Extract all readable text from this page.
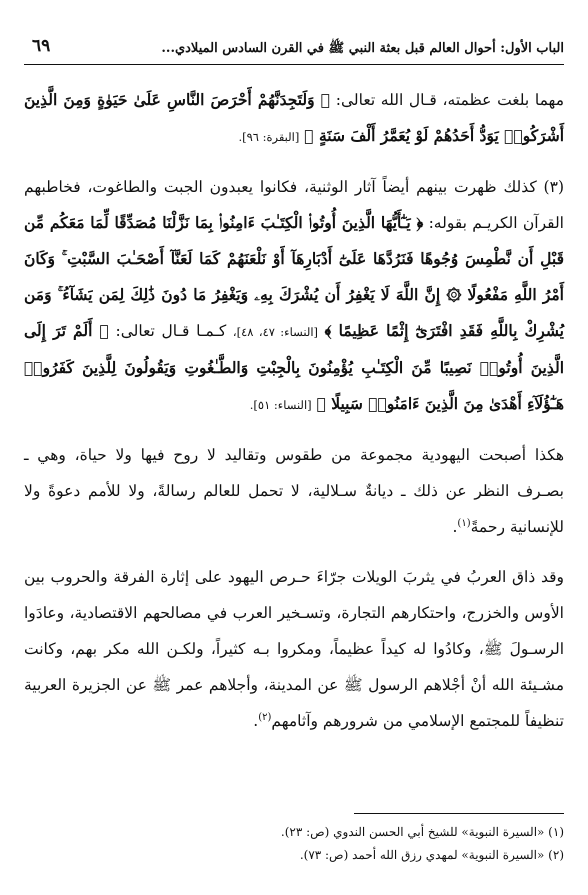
الباب الأول: أحوال العالم قبل بعثة النبي ﷺ في القرن السادس الميلادي...
٦٩

مهما بلغت عظمته، قـال الله تعالى: ﴿ وَلَتَجِدَنَّهُمْ أَحْرَصَ النَّاسِ عَلَىٰ حَيَوٰةٍ وَمِنَ الَّذِينَ أَشْرَكُوا۟ يَوَدُّ أَحَدُهُمْ لَوْ يُعَمَّرُ أَلْفَ سَنَةٍ ﴾ [البقرة: ٩٦].

(٣) كذلك ظهرت بينهم أيضاً آثار الوثنية، فكانوا يعبدون الجبت والطاغوت، فخاطبهم القرآن الكريـم بقوله: ﴿ يَـٰٓأَيُّهَا الَّذِينَ أُوتُوا۟ الْكِتَـٰبَ ءَامِنُوا۟ بِمَا نَزَّلْنَا مُصَدِّقًا لِّمَا مَعَكُم مِّن قَبْلِ أَن نَّطْمِسَ وُجُوهًا فَنَرُدَّهَا عَلَىٰٓ أَدْبَارِهَآ أَوْ نَلْعَنَهُمْ كَمَا لَعَنَّآ أَصْحَـٰبَ السَّبْتِ ۚ وَكَانَ أَمْرُ اللَّهِ مَفْعُولًا ۞ إِنَّ اللَّهَ لَا يَغْفِرُ أَن يُشْرَكَ بِهِۦ وَيَغْفِرُ مَا دُونَ ذَٰلِكَ لِمَن يَشَآءُ ۚ وَمَن يُشْرِكْ بِاللَّهِ فَقَدِ افْتَرَىٰٓ إِثْمًا عَظِيمًا ﴾ [النساء: ٤٧، ٤٨]، كـمـا قـال تعالى: ﴿ أَلَمْ تَرَ إِلَى الَّذِينَ أُوتُوا۟ نَصِيبًا مِّنَ الْكِتَـٰبِ يُؤْمِنُونَ بِالْجِبْتِ وَالطَّـٰغُوتِ وَيَقُولُونَ لِلَّذِينَ كَفَرُوا۟ هَـٰٓؤُلَآءِ أَهْدَىٰ مِنَ الَّذِينَ ءَامَنُوا۟ سَبِيلًا ﴾ [النساء: ٥١].

هكذا أصبحت اليهودية مجموعة من طقوس وتقاليد لا روح فيها ولا حياة، وهي ـ بصـرف النظر عن ذلك ـ ديانةٌ سـلالية، لا تحمل للعالم رسالةً، ولا للأمم دعوةً ولا للإنسانية رحمةً$^{(١)}$.

وقد ذاق العربُ في يثربَ الويلات جرّاءَ حـرص اليهود على إثارة الفرقة والحروب بين الأوس والخزرج، واحتكارهم التجارة، وتسـخير العرب في مصالحهم الاقتصادية، وعادَوا الرسـولَ ﷺ، وكادُوا له كيداً عظيماً، ومكروا بـه كثيراً، ولكـن الله مكر بهم، وكانت مشـيئة الله أنْ أجْلاهم الرسول ﷺ عن المدينة، وأجلاهم عمر ﷺ عن الجزيرة العربية تنظيفاً للمجتمع الإسلامي من شرورهم وآثامهم$^{(٢)}$.

(١) «السيرة النبوية» للشيخ أبي الحسن الندوي (ص: ٢٣).
(٢) «السيرة النبوية» لمهدي رزق الله أحمد (ص: ٧٣).
